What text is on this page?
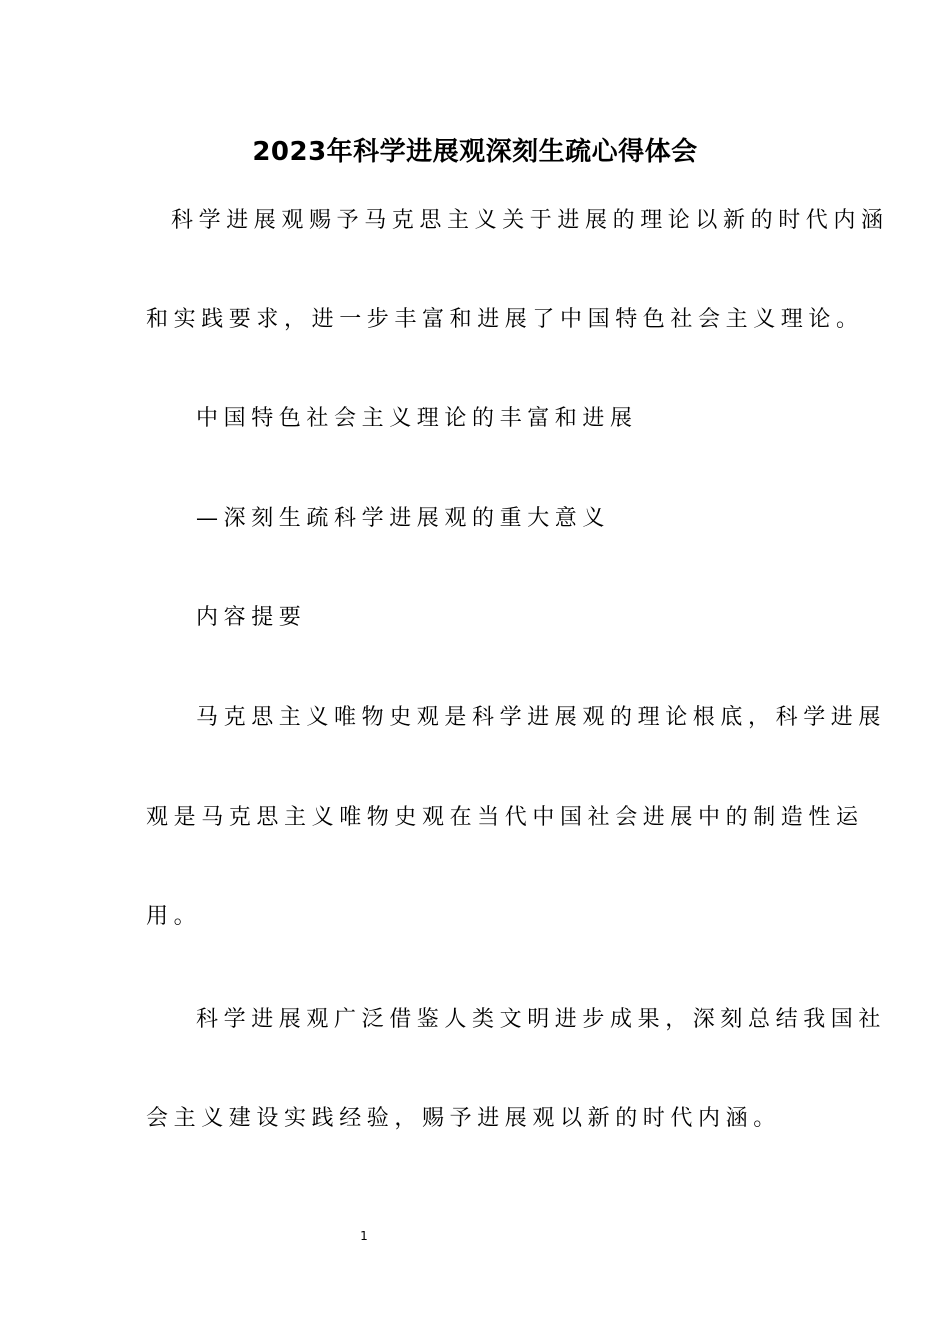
2023年科学进展观深刻生疏心得体会
科学进展观赐予马克思主义关于进展的理论以新的时代内涵
和实践要求，进一步丰富和进展了中国特色社会主义理论。
中国特色社会主义理论的丰富和进展
—深刻生疏科学进展观的重大意义
内容提要
马克思主义唯物史观是科学进展观的理论根底，科学进展
观是马克思主义唯物史观在当代中国社会进展中的制造性运
用。
科学进展观广泛借鉴人类文明进步成果，深刻总结我国社
会主义建设实践经验，赐予进展观以新的时代内涵。
1
